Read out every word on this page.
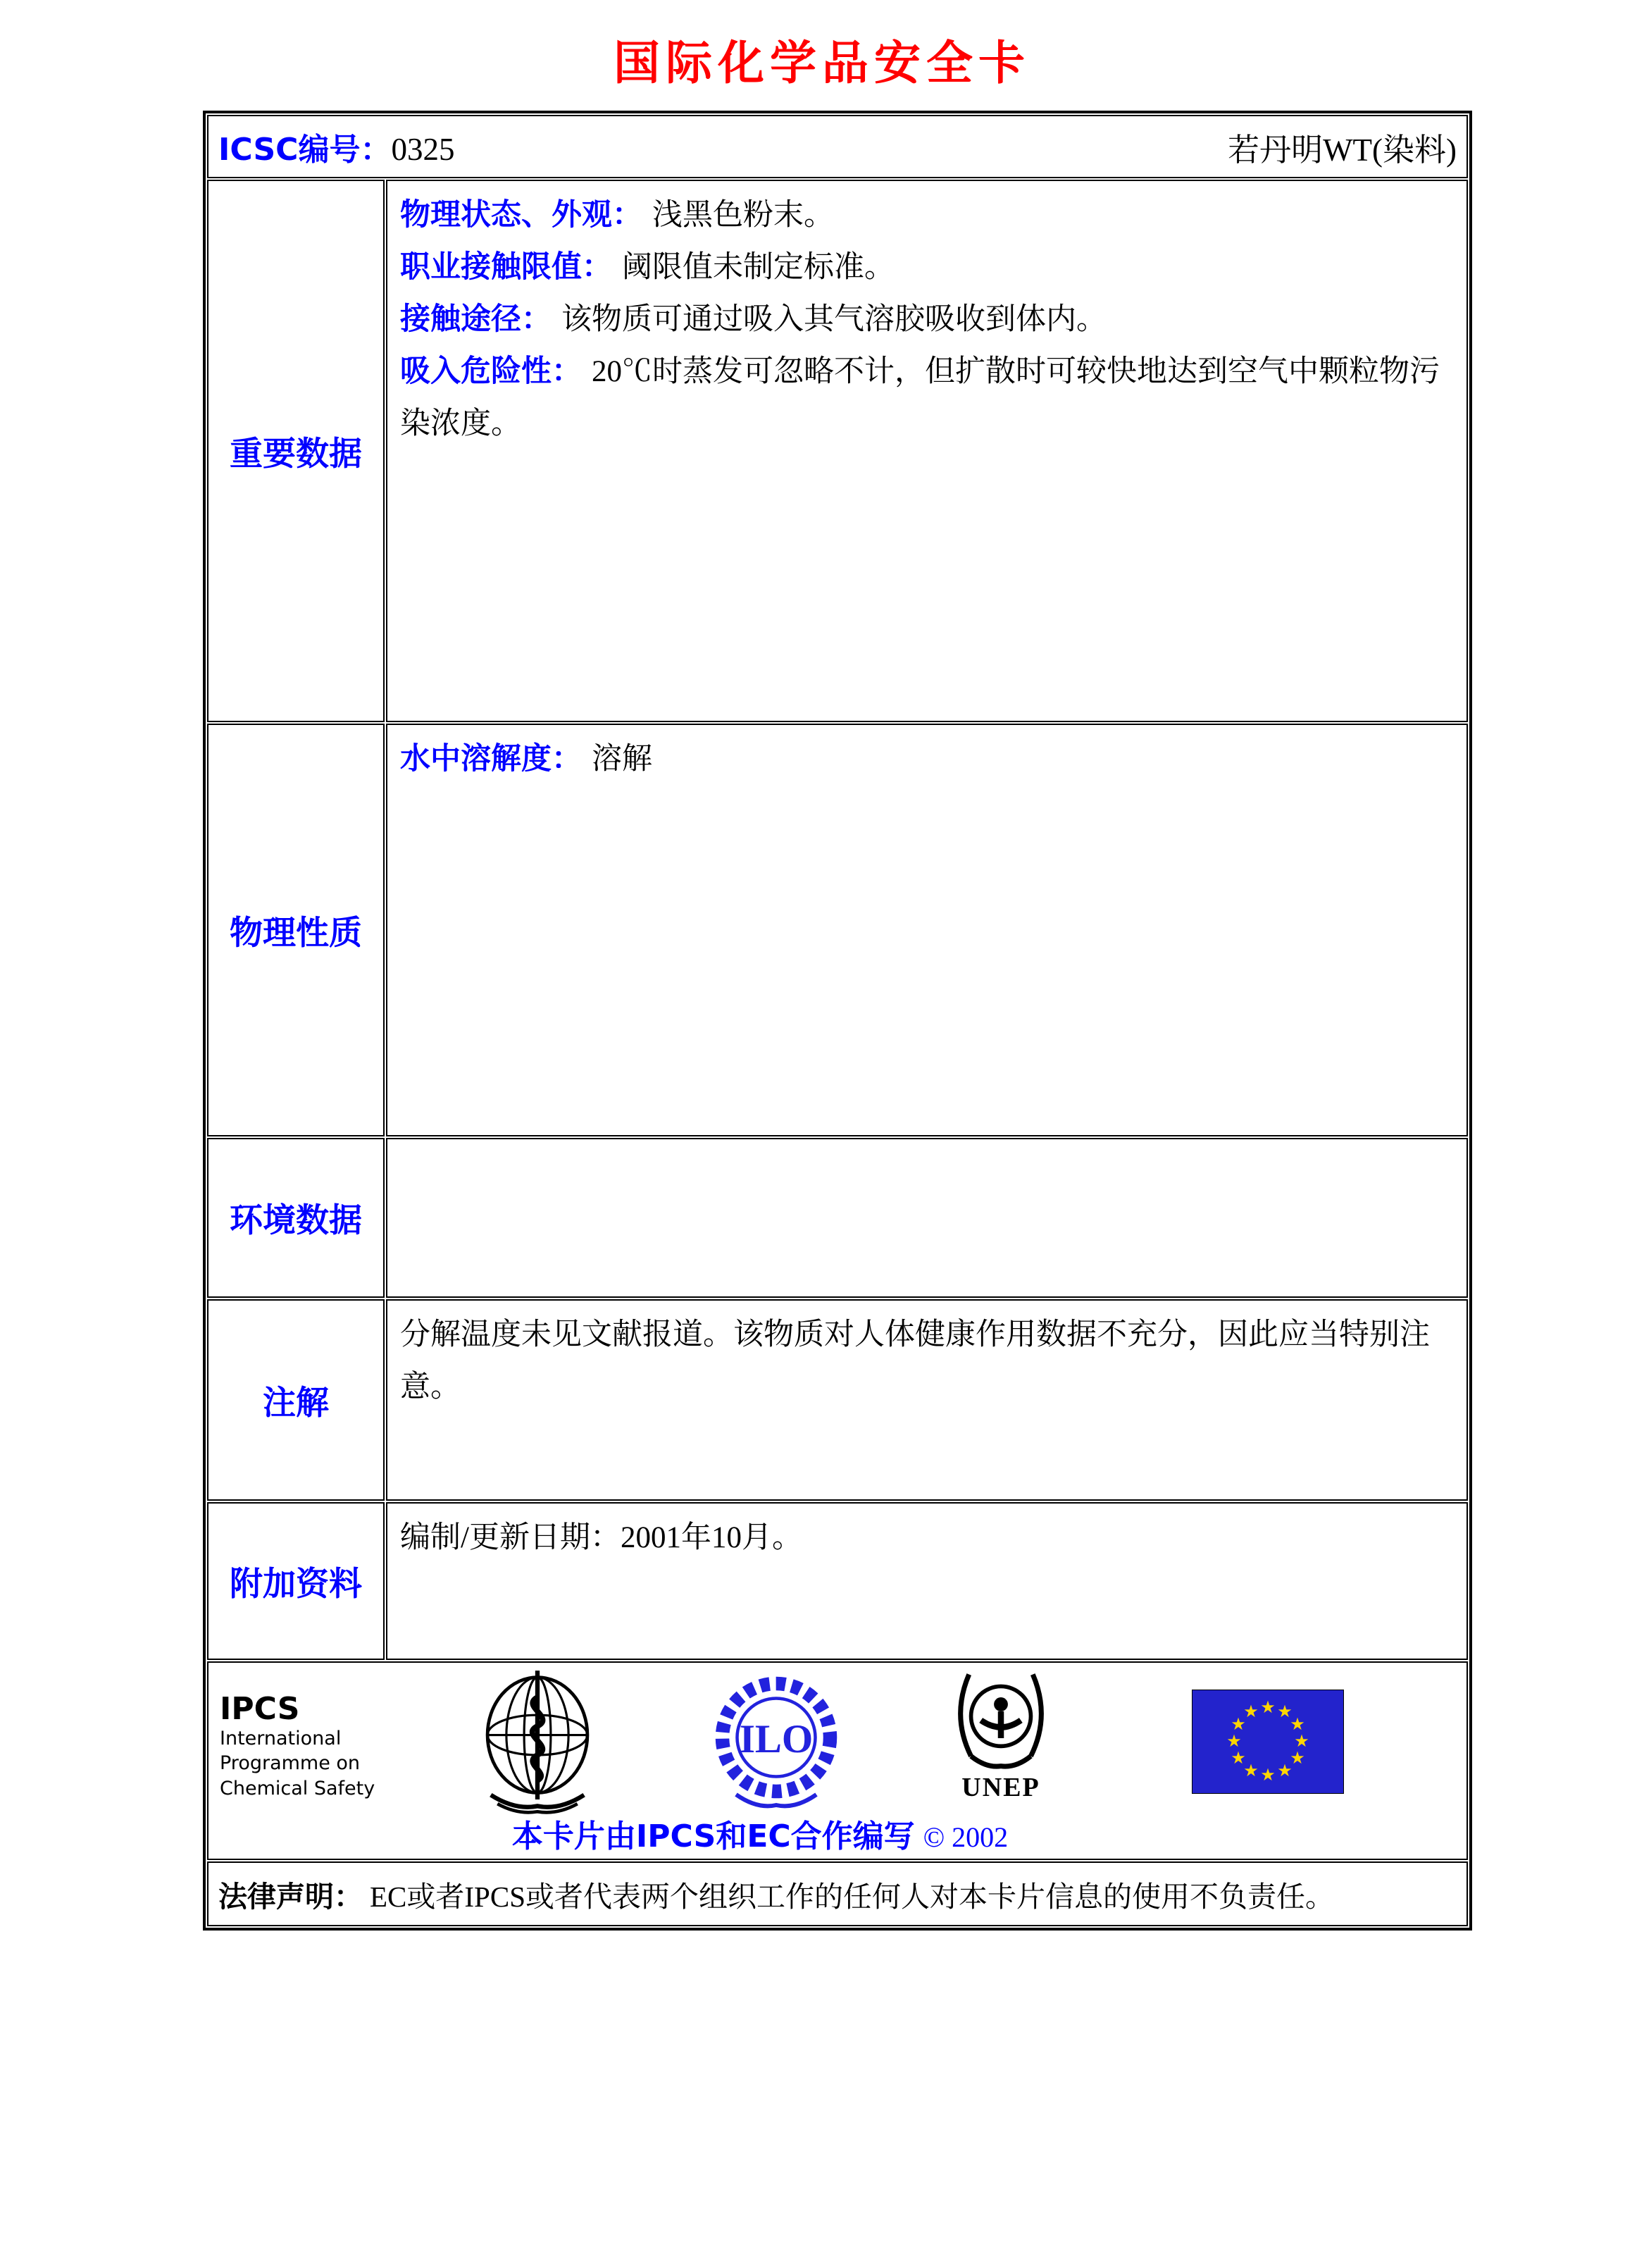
国际化学品安全卡
ICSC编号：0325 若丹明WT(染料)	

重要数据	物理状态、外观： 浅黑色粉末。
职业接触限值： 阈限值未制定标准。
接触途径： 该物质可通过吸入其气溶胶吸收到体内。
吸入危险性： 20℃时蒸发可忽略不计，但扩散时可较快地达到空气中颗粒物污染浓度。

物理性质	水中溶解度： 溶解

环境数据	
注解	分解温度未见文献报道。该物质对人体健康作用数据不充分，因此应当特别注意。

附加资料	编制/更新日期：2001年10月。

IPCS
International
Programme on
Chemical Safety
ILO
UNEP
★ ★
★
★
★
★
★
★
★
★
★
★
本卡片由IPCS和EC合作编写 © 2002

法律声明： EC或者IPCS或者代表两个组织工作的任何人对本卡片信息的使用不负责任。	
